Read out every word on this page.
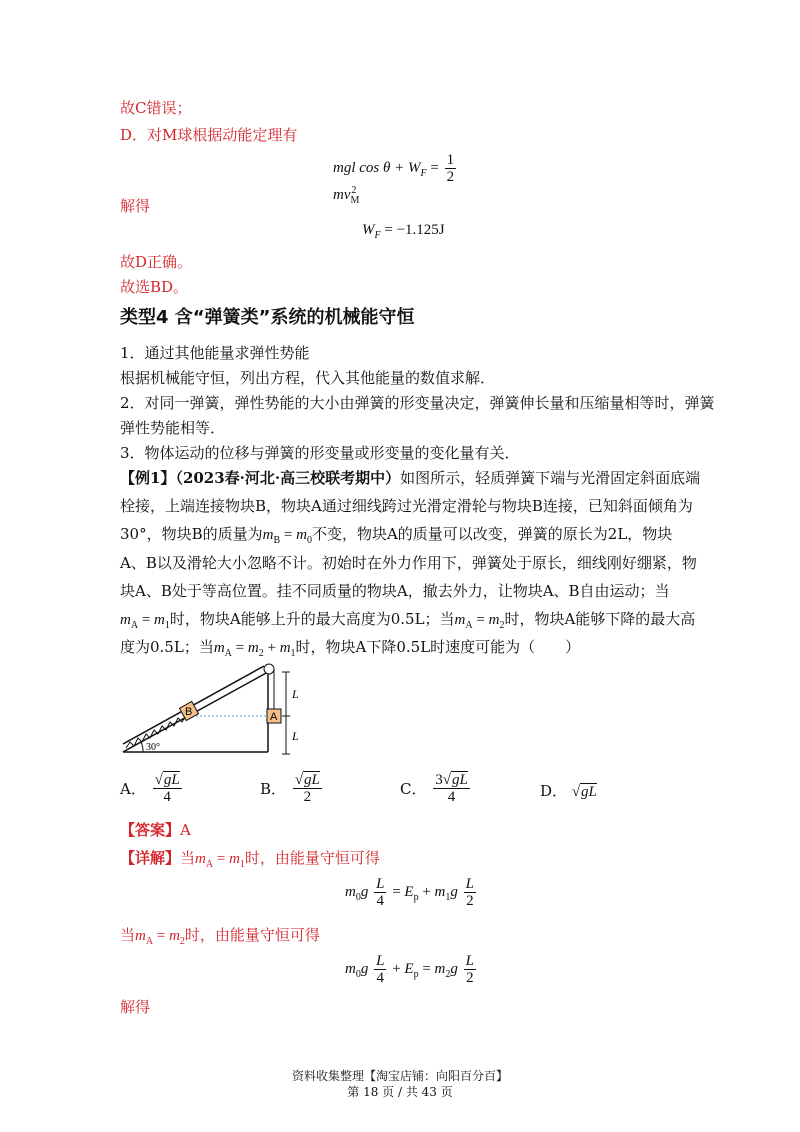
故C错误；
D．对M球根据动能定理有
mgl $\cos \theta + W_F = \frac{1}{2}$
$mv_M^2$
解得
$W_F = -1.125J$
故D正确。
故选BD。
类型4 含“弹簧类”系统的机械能守恒
1．通过其他能量求弹性势能
根据机械能守恒，列出方程，代入其他能量的数值求解．
2．对同一弹簧，弹性势能的大小由弹簧的形变量决定，弹簧伸长量和压缩量相等时，弹簧
弹性势能相等．
3．物体运动的位移与弹簧的形变量或形变量的变化量有关．
【例1】（2023春·河北·高三校联考期中）如图所示，轻质弹簧下端与光滑固定斜面底端
栓接，上端连接物块B，物块A通过细线跨过光滑定滑轮与物块B连接，已知斜面倾角为
30°，物块B的质量为$m_B = m_0$不变，物块A的质量可以改变，弹簧的原长为2L，物块
A、B以及滑轮大小忽略不计。初始时在外力作用下，弹簧处于原长，细线刚好绷紧，物
块A、B处于等高位置。挂不同质量的物块A，撤去外力，让物块A、B自由运动；当
$m_A = m_1$时，物块A能够上升的最大高度为0.5L；当$m_A = m_2$时，物块A能够下降的最大高
度为0.5L；当$m_A = m_2 + m_1$时，物块A下降0.5L时速度可能为（　　）
30°
B	A
L
L
A． $\frac{√gL}{4}$	B． $\frac{√gL}{2}$	C． $\frac{3√gL}{4}$	D． √gL
【答案】A
【详解】当$m_A = m_1$时，由能量守恒可得
$m_0g \frac{L}{4} = E_p + m_1g \frac{L}{2}$
当$m_A = m_2$时，由能量守恒可得
$m_0g \frac{L}{4} + E_p = m_2g \frac{L}{2}$
解得
资料收集整理【淘宝店铺：向阳百分百】
第 18 页 / 共 43 页
